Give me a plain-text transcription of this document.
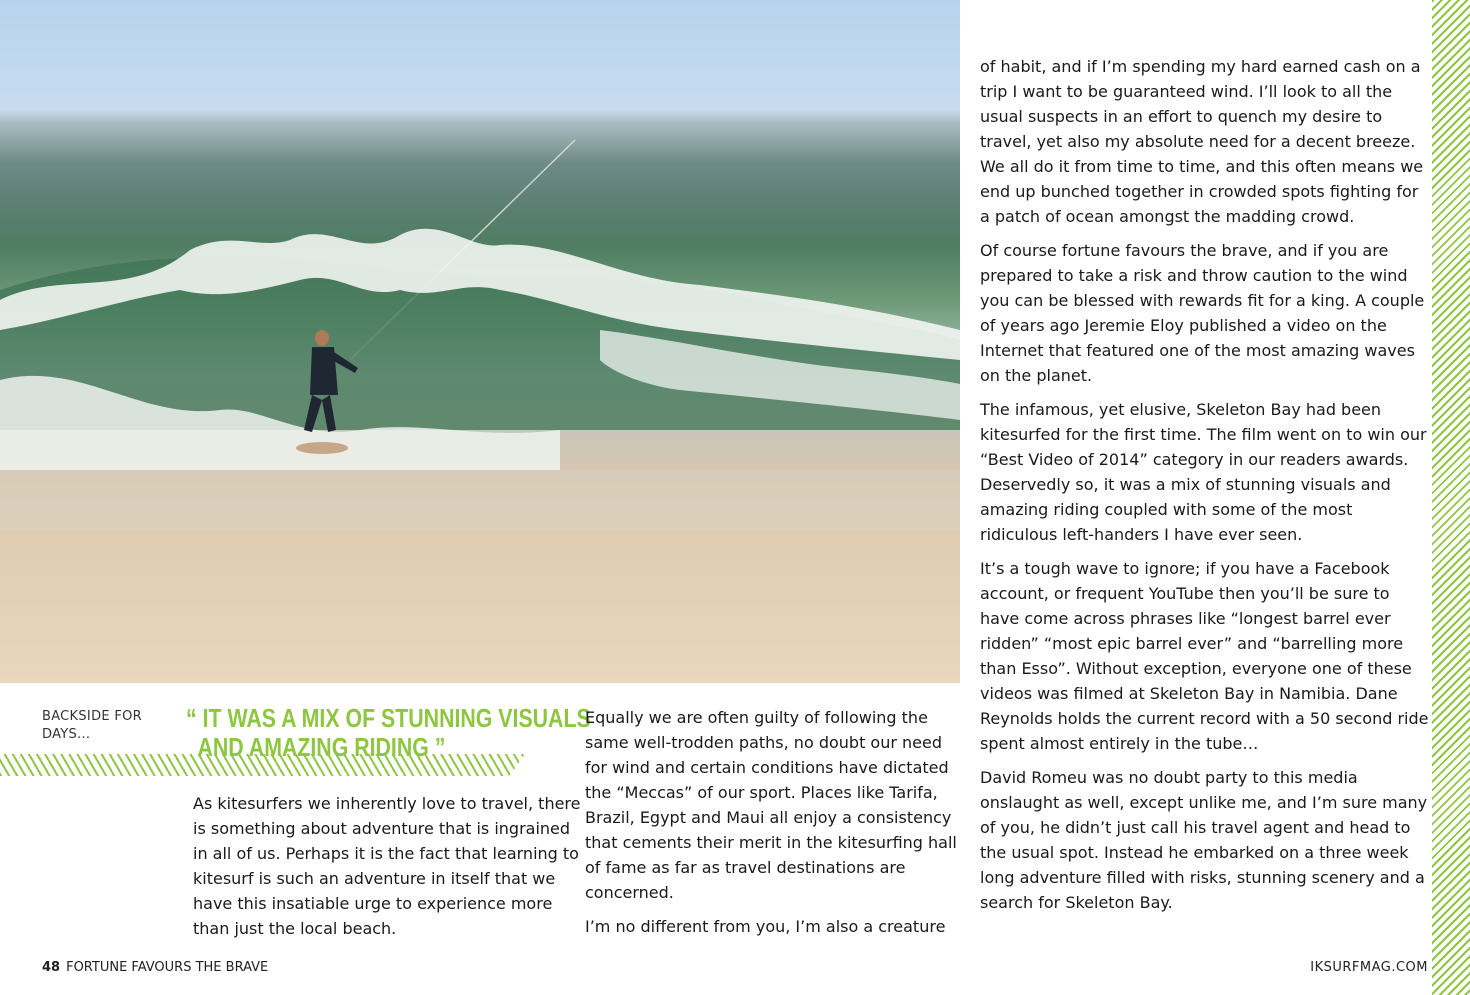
BACKSIDE FOR DAYS...
“ IT WAS A MIX OF STUNNING VISUALS
AND AMAZING RIDING ”

As kitesurfers we inherently love to travel, there is something about adventure that is ingrained in all of us. Perhaps it is the fact that learning to kitesurf is such an adventure in itself that we have this insatiable urge to experience more than just the local beach.

Equally we are often guilty of following the same well-trodden paths, no doubt our need for wind and certain conditions have dictated the “Meccas” of our sport. Places like Tarifa, Brazil, Egypt and Maui all enjoy a consistency that cements their merit in the kitesurfing hall of fame as far as travel destinations are concerned.

I’m no different from you, I’m also a creature

of habit, and if I’m spending my hard earned cash on a trip I want to be guaranteed wind. I’ll look to all the usual suspects in an effort to quench my desire to travel, yet also my absolute need for a decent breeze. We all do it from time to time, and this often means we end up bunched together in crowded spots fighting for a patch of ocean amongst the madding crowd.

Of course fortune favours the brave, and if you are prepared to take a risk and throw caution to the wind you can be blessed with rewards fit for a king. A couple of years ago Jeremie Eloy published a video on the Internet that featured one of the most amazing waves on the planet.

The infamous, yet elusive, Skeleton Bay had been kitesurfed for the first time. The film went on to win our “Best Video of 2014” category in our readers awards. Deservedly so, it was a mix of stunning visuals and amazing riding coupled with some of the most ridiculous left-handers I have ever seen.

It’s a tough wave to ignore; if you have a Facebook account, or frequent YouTube then you’ll be sure to have come across phrases like “longest barrel ever ridden” “most epic barrel ever” and “barrelling more than Esso”. Without exception, everyone one of these videos was filmed at Skeleton Bay in Namibia. Dane Reynolds holds the current record with a 50 second ride spent almost entirely in the tube…

David Romeu was no doubt party to this media onslaught as well, except unlike me, and I’m sure many of you, he didn’t just call his travel agent and head to the usual spot. Instead he embarked on a three week long adventure filled with risks, stunning scenery and a search for Skeleton Bay.

48 FORTUNE FAVOURS THE BRAVE	IKSURFMAG.COM
